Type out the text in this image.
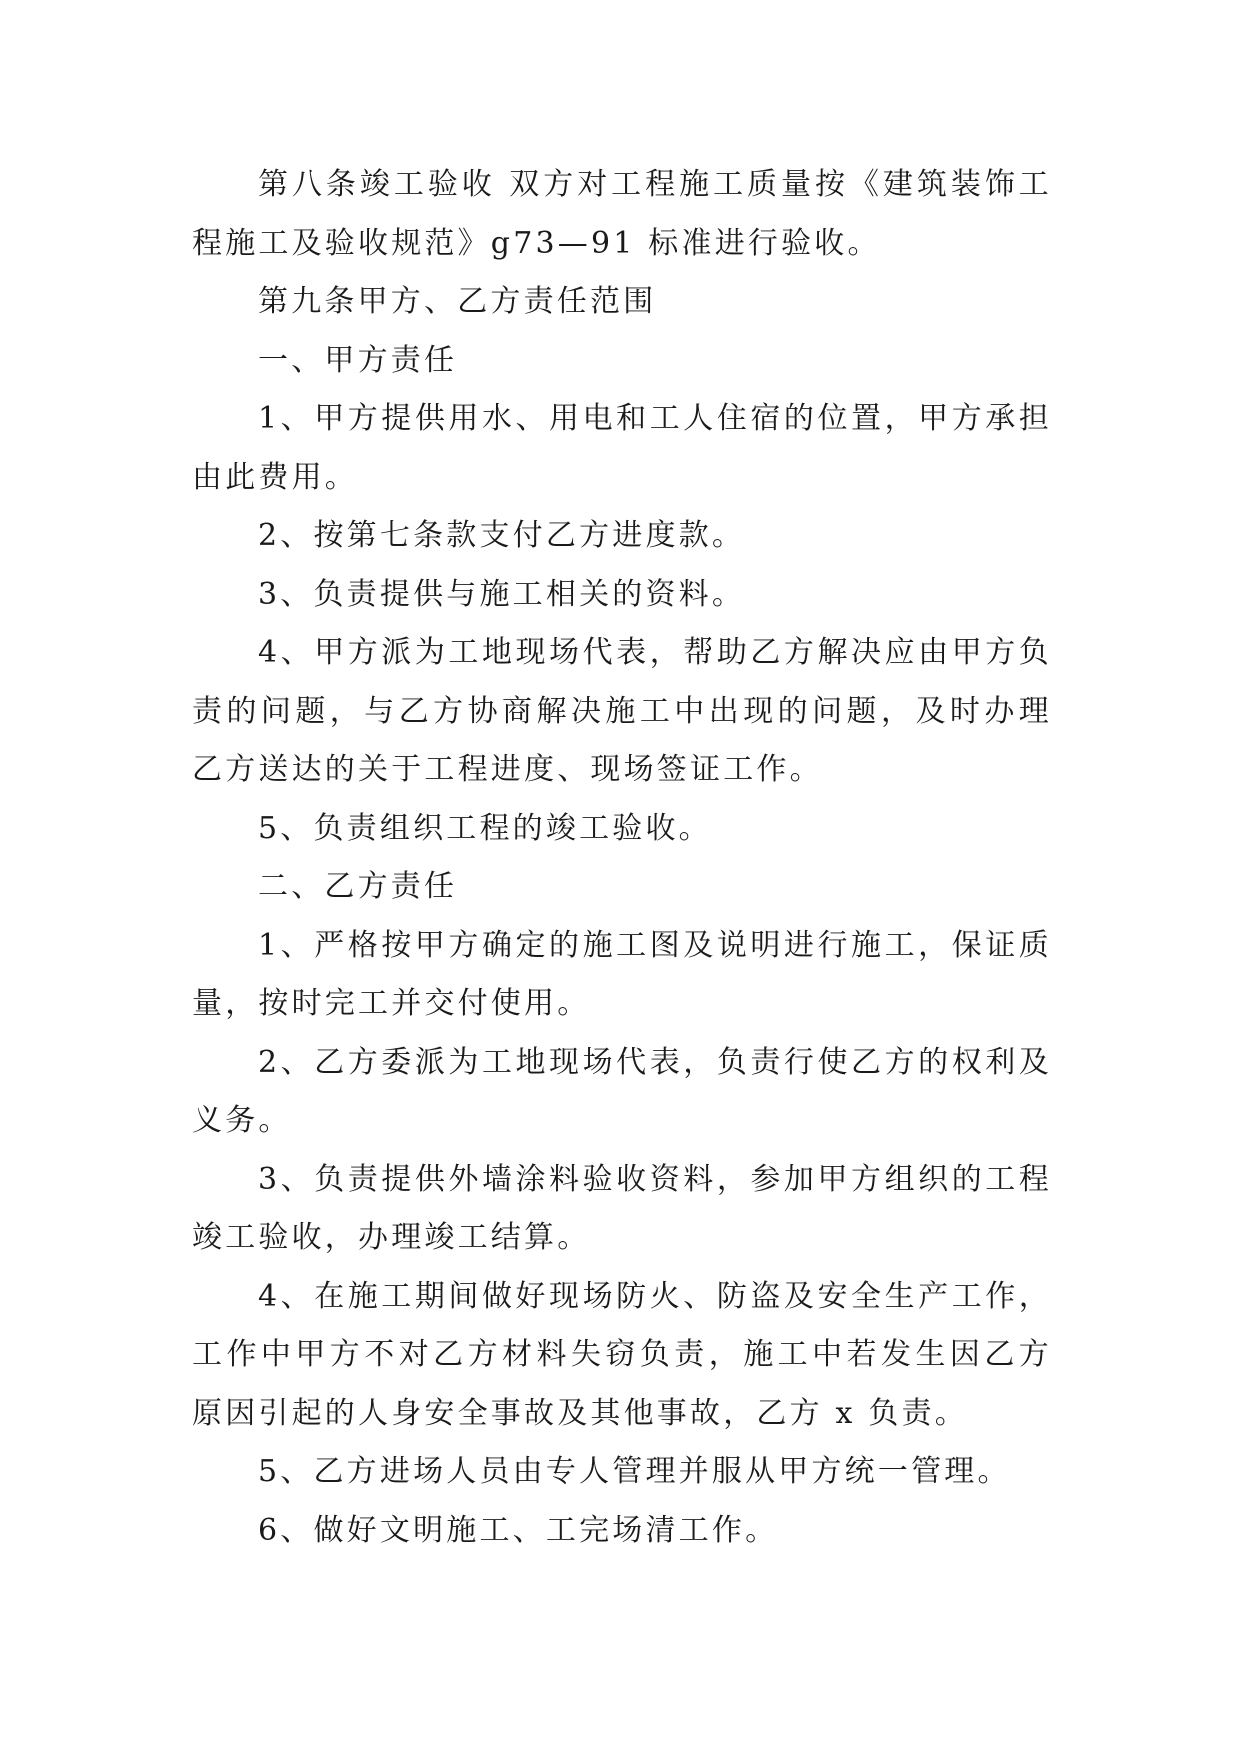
第八条竣工验收 双方对工程施工质量按《建筑装饰工程施工及验收规范》g73—91 标准进行验收。

第九条甲方、乙方责任范围

一、甲方责任

1、甲方提供用水、用电和工人住宿的位置，甲方承担由此费用。

2、按第七条款支付乙方进度款。

3、负责提供与施工相关的资料。

4、甲方派为工地现场代表，帮助乙方解决应由甲方负责的问题，与乙方协商解决施工中出现的问题，及时办理乙方送达的关于工程进度、现场签证工作。

5、负责组织工程的竣工验收。

二、乙方责任

1、严格按甲方确定的施工图及说明进行施工，保证质量，按时完工并交付使用。

2、乙方委派为工地现场代表，负责行使乙方的权利及义务。

3、负责提供外墙涂料验收资料，参加甲方组织的工程竣工验收，办理竣工结算。

4、在施工期间做好现场防火、防盗及安全生产工作，工作中甲方不对乙方材料失窃负责，施工中若发生因乙方原因引起的人身安全事故及其他事故，乙方 x 负责。

5、乙方进场人员由专人管理并服从甲方统一管理。

6、做好文明施工、工完场清工作。
